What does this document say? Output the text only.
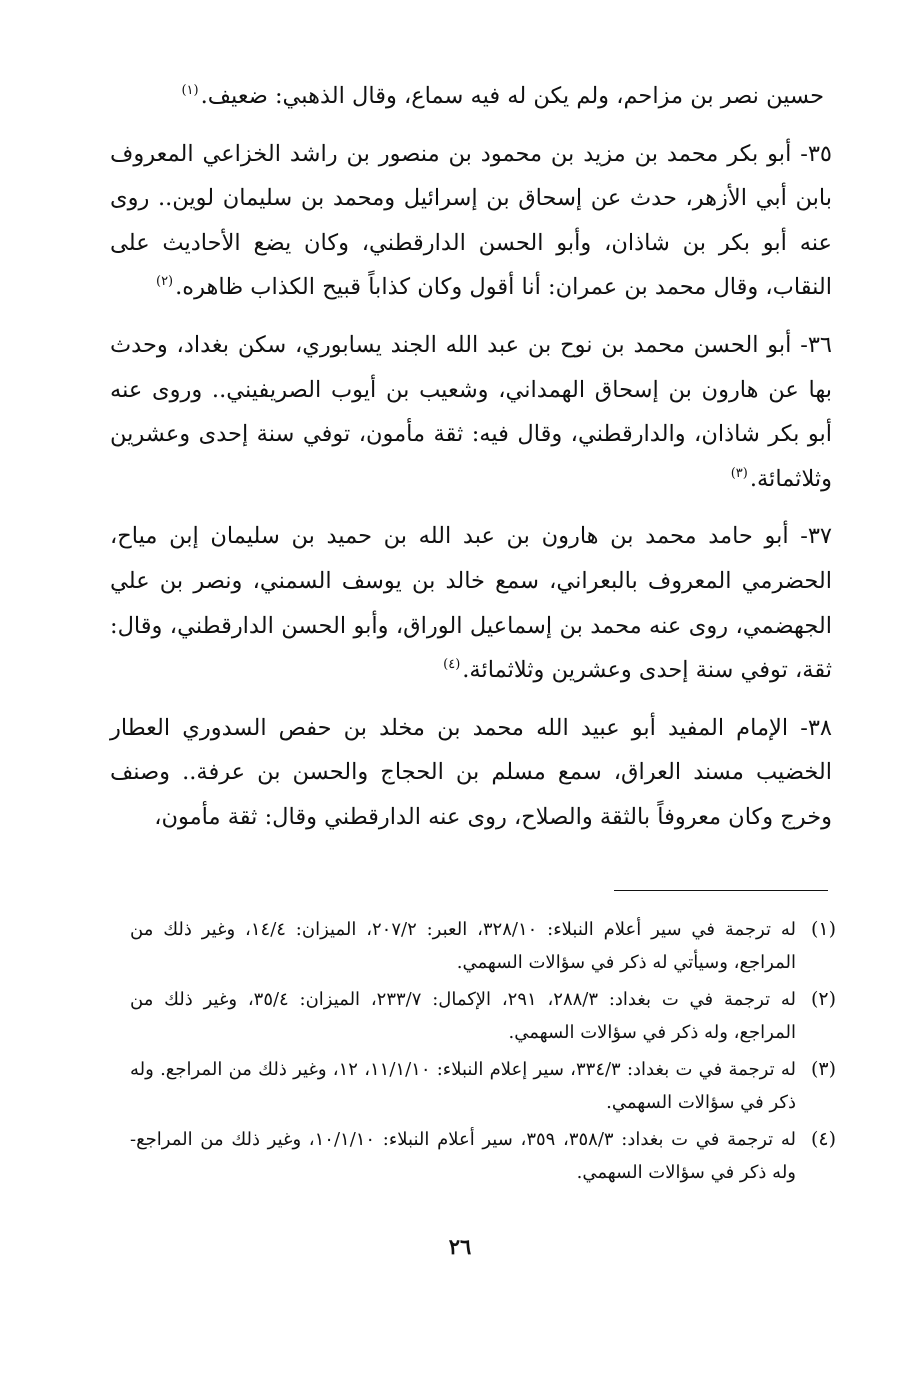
حسين نصر بن مزاحم، ولم يكن له فيه سماع، وقال الذهبي: ضعيف.$^{(١)}$

٣٥- أبو بكر محمد بن مزيد بن محمود بن منصور بن راشد الخزاعي المعروف بابن أبي الأزهر، حدث عن إسحاق بن إسرائيل ومحمد بن سليمان لوين.. روى عنه أبو بكر بن شاذان، وأبو الحسن الدارقطني، وكان يضع الأحاديث على النقاب، وقال محمد بن عمران: أنا أقول وكان كذاباً قبيح الكذاب ظاهره.$^{(٢)}$

٣٦- أبو الحسن محمد بن نوح بن عبد الله الجند يسابوري، سكن بغداد، وحدث بها عن هارون بن إسحاق الهمداني، وشعيب بن أيوب الصريفيني.. وروى عنه أبو بكر شاذان، والدارقطني، وقال فيه: ثقة مأمون، توفي سنة إحدى وعشرين وثلاثمائة.$^{(٣)}$

٣٧- أبو حامد محمد بن هارون بن عبد الله بن حميد بن سليمان إبن مياح، الحضرمي المعروف بالبعراني، سمع خالد بن يوسف السمني، ونصر بن علي الجهضمي، روى عنه محمد بن إسماعيل الوراق، وأبو الحسن الدارقطني، وقال: ثقة، توفي سنة إحدى وعشرين وثلاثمائة.$^{(٤)}$

٣٨- الإمام المفيد أبو عبيد الله محمد بن مخلد بن حفص السدوري العطار الخضيب مسند العراق، سمع مسلم بن الحجاج والحسن بن عرفة.. وصنف وخرج وكان معروفاً بالثقة والصلاح، روى عنه الدارقطني وقال: ثقة مأمون،

(١)
له ترجمة في سير أعلام النبلاء: ٣٢٨/١٠، العبر: ٢٠٧/٢، الميزان: ١٤/٤، وغير ذلك من المراجع، وسيأتي له ذكر في سؤالات السهمي.
(٢)
له ترجمة في ت بغداد: ٢٨٨/٣، ٢٩١، الإكمال: ٢٣٣/٧، الميزان: ٣٥/٤، وغير ذلك من المراجع، وله ذكر في سؤالات السهمي.
(٣)
له ترجمة في ت بغداد: ٣٣٤/٣، سير إعلام النبلاء: ١١/١/١٠، ١٢، وغير ذلك من المراجع. وله ذكر في سؤالات السهمي.
(٤)
له ترجمة في ت بغداد: ٣٥٨/٣، ٣٥٩، سير أعلام النبلاء: ١٠/١/١٠، وغير ذلك من المراجع- وله ذكر في سؤالات السهمي.
٢٦
